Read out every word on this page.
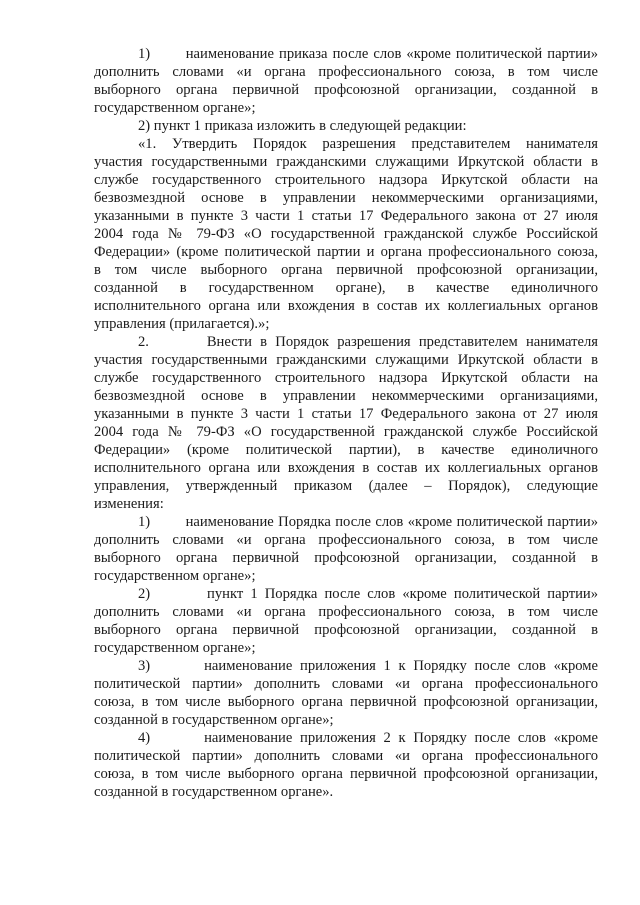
1)       наименование приказа после слов «кроме политической партии»
дополнить словами «и органа профессионального союза, в том числе
выборного органа первичной профсоюзной организации, созданной в
государственном органе»;
2) пункт 1 приказа изложить в следующей редакции:
«1. Утвердить Порядок разрешения представителем нанимателя
участия государственными гражданскими служащими Иркутской области в
службе государственного строительного надзора Иркутской области на
безвозмездной основе в управлении некоммерческими организациями,
указанными в пункте 3 части 1 статьи 17 Федерального закона от 27 июля
2004 года № 79-ФЗ «О государственной гражданской службе Российской
Федерации» (кроме политической партии и органа профессионального союза,
в том числе выборного органа первичной профсоюзной организации,
созданной в государственном органе), в качестве единоличного
исполнительного органа или вхождения в состав их коллегиальных органов
управления (прилагается).»;
2.       Внести в Порядок разрешения представителем нанимателя
участия государственными гражданскими служащими Иркутской области в
службе государственного строительного надзора Иркутской области на
безвозмездной основе в управлении некоммерческими организациями,
указанными в пункте 3 части 1 статьи 17 Федерального закона от 27 июля
2004 года № 79-ФЗ «О государственной гражданской службе Российской
Федерации» (кроме политической партии), в качестве единоличного
исполнительного органа или вхождения в состав их коллегиальных органов
управления, утвержденный приказом (далее – Порядок), следующие
изменения:
1)        наименование Порядка после слов «кроме политической партии»
дополнить словами «и органа профессионального союза, в том числе
выборного органа первичной профсоюзной организации, созданной в
государственном органе»;
2)        пункт 1 Порядка после слов «кроме политической партии»
дополнить словами «и органа профессионального союза, в том числе
выборного органа первичной профсоюзной организации, созданной в
государственном органе»;
3)       наименование приложения 1 к Порядку после слов «кроме
политической партии» дополнить словами «и органа профессионального
союза, в том числе выборного органа первичной профсоюзной организации,
созданной в государственном органе»;
4)       наименование приложения 2 к Порядку после слов «кроме
политической партии» дополнить словами «и органа профессионального
союза, в том числе выборного органа первичной профсоюзной организации,
созданной в государственном органе».
